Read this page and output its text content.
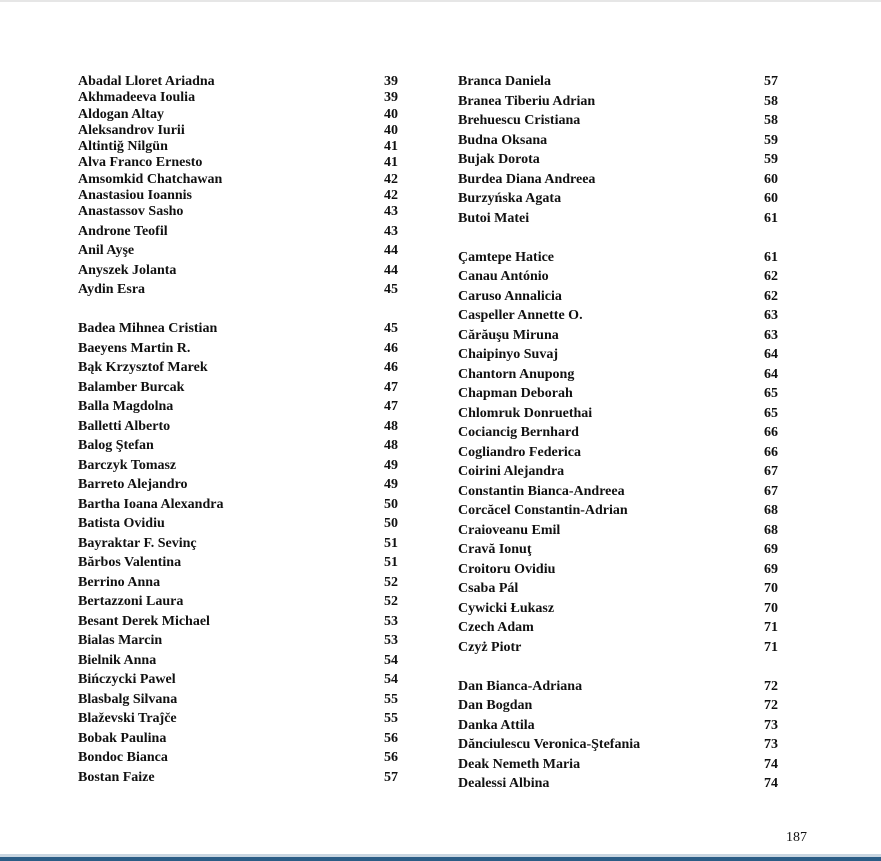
Abadal Lloret Ariadna	39
Akhmadeeva Ioulia	39
Aldogan Altay	40
Aleksandrov Iurii	40
Altintiğ Nilgün	41
Alva Franco Ernesto	41
Amsomkid Chatchawan	42
Anastasiou Ioannis	42
Anastassov Sasho	43
Androne Teofil	43
Anil Ayşe	44
Anyszek Jolanta	44
Aydin Esra	45
Badea Mihnea Cristian	45
Baeyens Martin R.	46
Bąk Krzysztof Marek	46
Balamber Burcak	47
Balla Magdolna	47
Balletti Alberto	48
Balog Ştefan	48
Barczyk Tomasz	49
Barreto Alejandro	49
Bartha Ioana Alexandra	50
Batista Ovidiu	50
Bayraktar F. Sevinç	51
Bărbos Valentina	51
Berrino Anna	52
Bertazzoni Laura	52
Besant Derek Michael	53
Bialas Marcin	53
Bielnik Anna	54
Bińczycki Pawel	54
Blasbalg Silvana	55
Blaževski Traĵče	55
Bobak Paulina	56
Bondoc Bianca	56
Bostan Faize	57
Branca Daniela	57
Branea Tiberiu Adrian	58
Brehuescu Cristiana	58
Budna Oksana	59
Bujak Dorota	59
Burdea Diana Andreea	60
Burzyńska Agata	60
Butoi Matei	61
Çamtepe Hatice	61
Canau António	62
Caruso Annalicia	62
Caspeller Annette O.	63
Cărăuşu Miruna	63
Chaipinyo Suvaj	64
Chantorn Anupong	64
Chapman Deborah	65
Chlomruk Donruethai	65
Cociancig Bernhard	66
Cogliandro Federica	66
Coirini Alejandra	67
Constantin Bianca-Andreea	67
Corcăcel Constantin-Adrian	68
Craioveanu Emil	68
Cravă Ionuţ	69
Croitoru Ovidiu	69
Csaba Pál	70
Cywicki Łukasz	70
Czech Adam	71
Czyż Piotr	71
Dan Bianca-Adriana	72
Dan Bogdan	72
Danka Attila	73
Dănciulescu Veronica-Ştefania	73
Deak Nemeth Maria	74
Dealessi Albina	74
187
